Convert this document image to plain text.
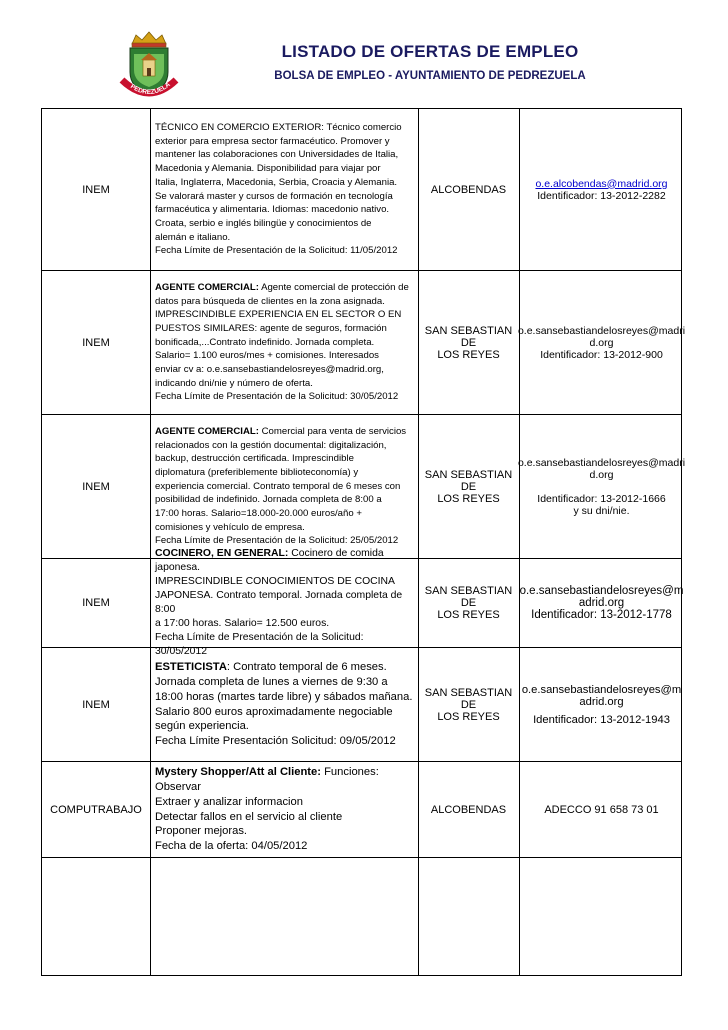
PEDREZUELA
LISTADO DE OFERTAS DE EMPLEO
BOLSA DE EMPLEO - AYUNTAMIENTO DE PEDREZUELA
INEM

TÉCNICO EN COMERCIO EXTERIOR: Técnico comercio

exterior para empresa sector farmacéutico. Promover y

mantener las colaboraciones con Universidades de Italia,

Macedonia y Alemania. Disponibilidad para viajar por

Italia, Inglaterra, Macedonia, Serbia, Croacia y Alemania.

Se valorará master y cursos de formación en tecnología

farmacéutica y alimentaria. Idiomas: macedonio nativo.

Croata, serbio e inglés bilingüe y conocimientos de

alemán e italiano.

Fecha Límite de Presentación de la Solicitud: 11/05/2012

ALCOBENDAS	o.e.alcobendas@madrid.org

Identificador: 13-2012-2282

INEM

AGENTE COMERCIAL: Agente comercial de protección de

datos para búsqueda de clientes en la zona asignada.

IMPRESCINDIBLE EXPERIENCIA EN EL SECTOR O EN

PUESTOS SIMILARES: agente de seguros, formación

bonificada,...Contrato indefinido. Jornada completa.

Salario= 1.100 euros/mes + comisiones. Interesados

enviar cv a: o.e.sansebastiandelosreyes@madrid.org,

indicando dni/nie y número de oferta.

Fecha Límite de Presentación de la Solicitud: 30/05/2012

SAN SEBASTIAN DE

LOS REYES

o.e.sansebastiandelosreyes@madri

d.org

Identificador: 13-2012-900

INEM

AGENTE COMERCIAL: Comercial para venta de servicios

relacionados con la gestión documental: digitalización,

backup, destrucción certificada. Imprescindible

diplomatura (preferiblemente biblioteconomía) y

experiencia comercial. Contrato temporal de 6 meses con

posibilidad de indefinido. Jornada completa de 8:00 a

17:00 horas. Salario=18.000-20.000 euros/año +

comisiones y vehículo de empresa.

Fecha Límite de Presentación de la Solicitud: 25/05/2012

SAN SEBASTIAN DE

LOS REYES

o.e.sansebastiandelosreyes@madri

d.org

Identificador: 13-2012-1666

y su dni/nie.

INEM

COCINERO, EN GENERAL: Cocinero de comida japonesa.

IMPRESCINDIBLE CONOCIMIENTOS DE COCINA

JAPONESA. Contrato temporal. Jornada completa de 8:00

a 17:00 horas. Salario= 12.500 euros.

Fecha Límite de Presentación de la Solicitud: 30/05/2012

SAN SEBASTIAN DE

LOS REYES

o.e.sansebastiandelosreyes@m

adrid.org

Identificador: 13-2012-1778

INEM

ESTETICISTA: Contrato temporal de 6 meses.

Jornada completa de lunes a viernes de 9:30 a

18:00 horas (martes tarde libre) y sábados mañana.

Salario 800 euros aproximadamente negociable

según experiencia.

Fecha Límite Presentación Solicitud: 09/05/2012

SAN SEBASTIAN DE

LOS REYES

o.e.sansebastiandelosreyes@m

adrid.org

Identificador: 13-2012-1943

COMPUTRABAJO

Mystery Shopper/Att al Cliente: Funciones:

Observar

Extraer y analizar informacion

Detectar fallos en el servicio al cliente

Proponer mejoras.

Fecha de la oferta: 04/05/2012

ALCOBENDAS	ADECCO 91 658 73 01
